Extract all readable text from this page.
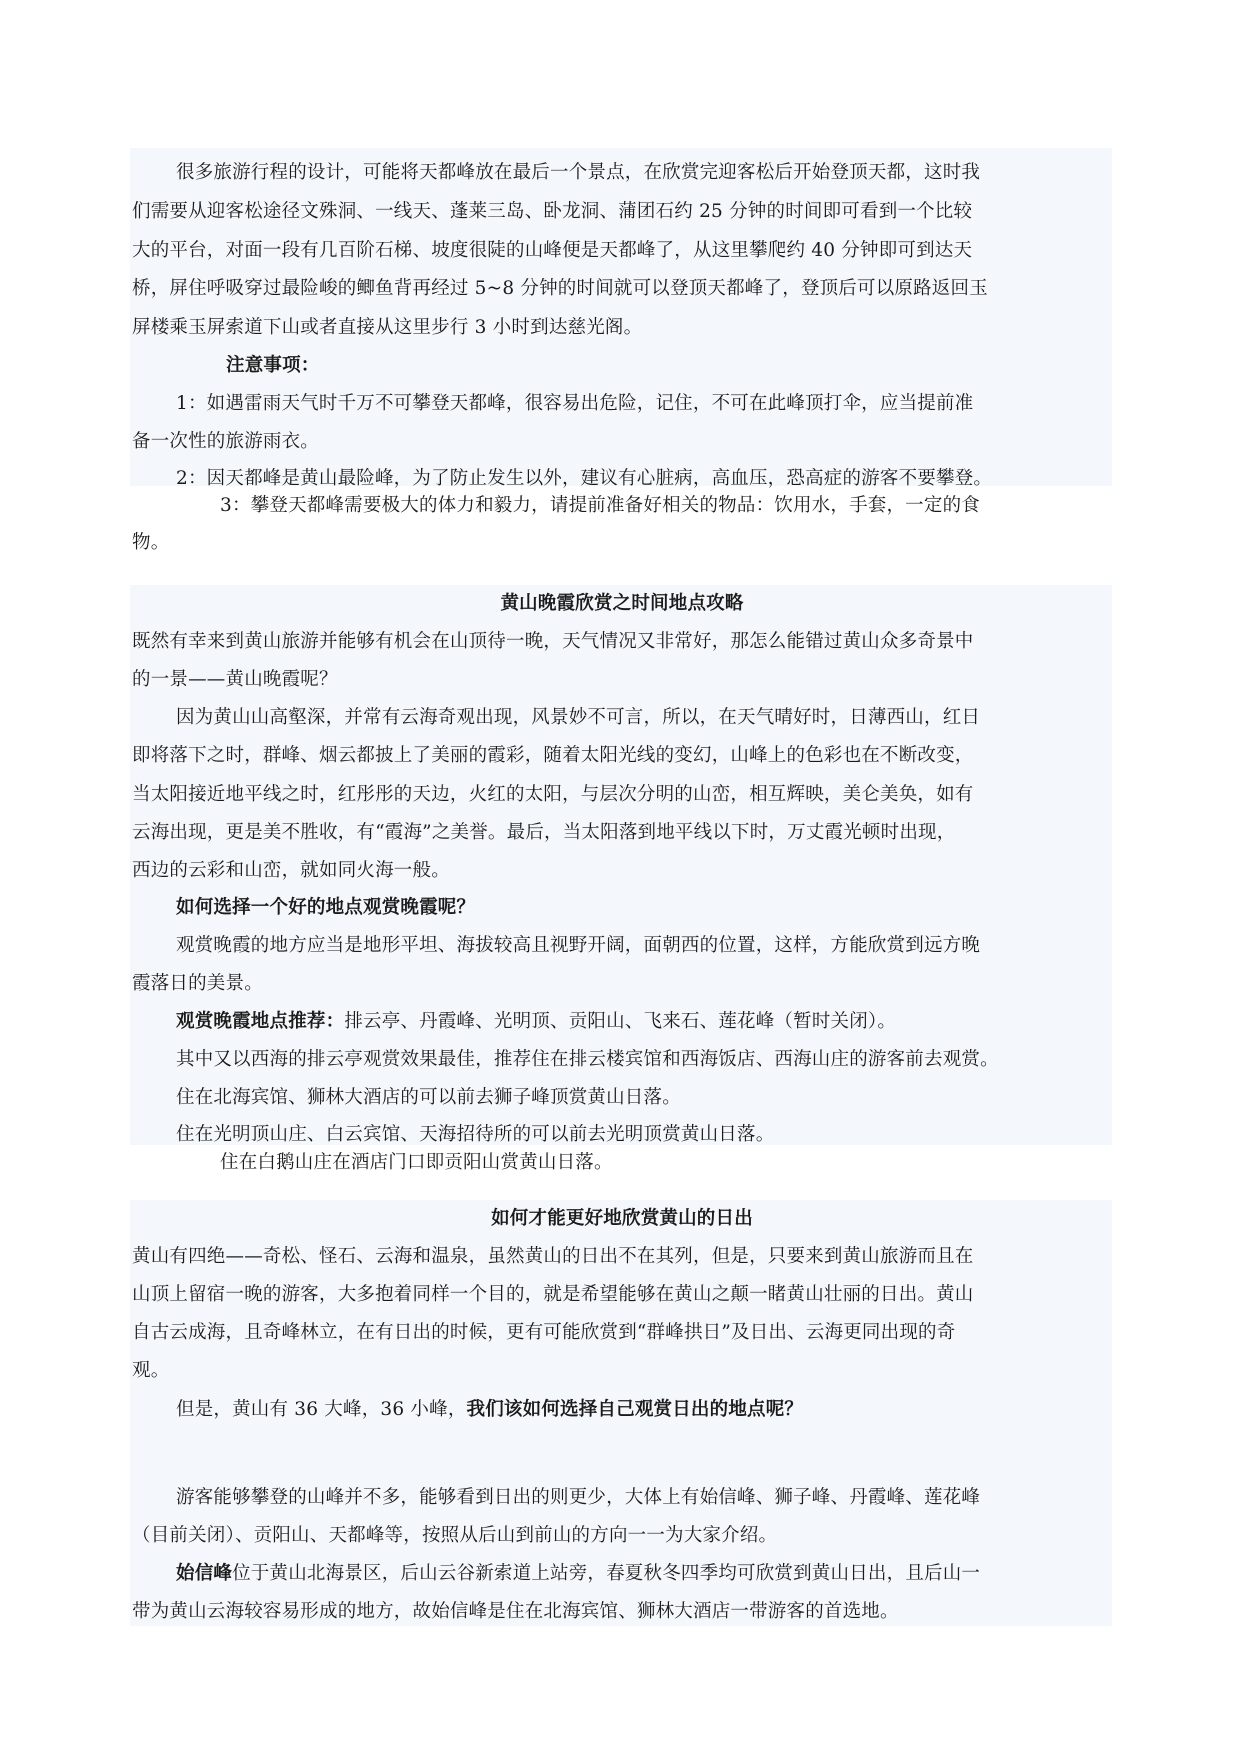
很多旅游行程的设计，可能将天都峰放在最后一个景点，在欣赏完迎客松后开始登顶天都，这时我
们需要从迎客松途径文殊洞、一线天、蓬莱三岛、卧龙洞、蒲团石约 25 分钟的时间即可看到一个比较
大的平台，对面一段有几百阶石梯、坡度很陡的山峰便是天都峰了，从这里攀爬约 40 分钟即可到达天
桥，屏住呼吸穿过最险峻的鲫鱼背再经过 5~8 分钟的时间就可以登顶天都峰了，登顶后可以原路返回玉
屏楼乘玉屏索道下山或者直接从这里步行 3 小时到达慈光阁。
注意事项：
1：如遇雷雨天气时千万不可攀登天都峰，很容易出危险，记住，不可在此峰顶打伞，应当提前准
备一次性的旅游雨衣。
2：因天都峰是黄山最险峰，为了防止发生以外，建议有心脏病，高血压，恐高症的游客不要攀登。
3：攀登天都峰需要极大的体力和毅力，请提前准备好相关的物品：饮用水，手套，一定的食
物。
黄山晚霞欣赏之时间地点攻略
既然有幸来到黄山旅游并能够有机会在山顶待一晚，天气情况又非常好，那怎么能错过黄山众多奇景中
的一景——黄山晚霞呢？
因为黄山山高壑深，并常有云海奇观出现，风景妙不可言，所以，在天气晴好时，日薄西山，红日
即将落下之时，群峰、烟云都披上了美丽的霞彩，随着太阳光线的变幻，山峰上的色彩也在不断改变，
当太阳接近地平线之时，红彤彤的天边，火红的太阳，与层次分明的山峦，相互辉映，美仑美奂，如有
云海出现，更是美不胜收，有“霞海”之美誉。最后，当太阳落到地平线以下时，万丈霞光顿时出现，
西边的云彩和山峦，就如同火海一般。
如何选择一个好的地点观赏晚霞呢？
观赏晚霞的地方应当是地形平坦、海拔较高且视野开阔，面朝西的位置，这样，方能欣赏到远方晚
霞落日的美景。
观赏晚霞地点推荐：排云亭、丹霞峰、光明顶、贡阳山、飞来石、莲花峰（暂时关闭）。
其中又以西海的排云亭观赏效果最佳，推荐住在排云楼宾馆和西海饭店、西海山庄的游客前去观赏。
住在北海宾馆、狮林大酒店的可以前去狮子峰顶赏黄山日落。
住在光明顶山庄、白云宾馆、天海招待所的可以前去光明顶赏黄山日落。
住在白鹅山庄在酒店门口即贡阳山赏黄山日落。
如何才能更好地欣赏黄山的日出
黄山有四绝——奇松、怪石、云海和温泉，虽然黄山的日出不在其列，但是，只要来到黄山旅游而且在
山顶上留宿一晚的游客，大多抱着同样一个目的，就是希望能够在黄山之颠一睹黄山壮丽的日出。黄山
自古云成海，且奇峰林立，在有日出的时候，更有可能欣赏到“群峰拱日”及日出、云海更同出现的奇
观。
但是，黄山有 36 大峰，36 小峰，我们该如何选择自己观赏日出的地点呢？
游客能够攀登的山峰并不多，能够看到日出的则更少，大体上有始信峰、狮子峰、丹霞峰、莲花峰
（目前关闭）、贡阳山、天都峰等，按照从后山到前山的方向一一为大家介绍。
始信峰位于黄山北海景区，后山云谷新索道上站旁，春夏秋冬四季均可欣赏到黄山日出，且后山一
带为黄山云海较容易形成的地方，故始信峰是住在北海宾馆、狮林大酒店一带游客的首选地。
